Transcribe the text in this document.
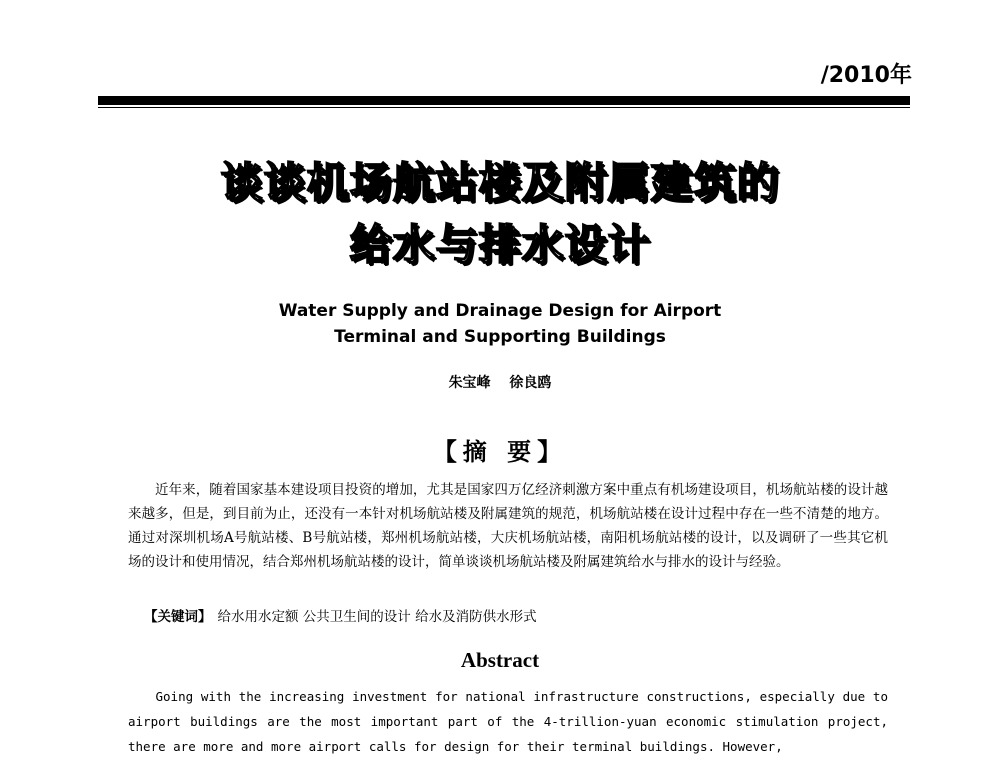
/2010年
谈谈机场航站楼及附属建筑的
给水与排水设计
Water Supply and Drainage Design for Airport
Terminal and Supporting Buildings
朱宝峰 徐良鸥
【摘 要】

近年来，随着国家基本建设项目投资的增加，尤其是国家四万亿经济刺激方案中重点有机场建设项目，机场航站楼的设计越来越多，但是，到目前为止，还没有一本针对机场航站楼及附属建筑的规范，机场航站楼在设计过程中存在一些不清楚的地方。通过对深圳机场A号航站楼、B号航站楼，郑州机场航站楼，大庆机场航站楼，南阳机场航站楼的设计，以及调研了一些其它机场的设计和使用情况，结合郑州机场航站楼的设计，简单谈谈机场航站楼及附属建筑给水与排水的设计与经验。

【关键词】 给水用水定额 公共卫生间的设计 给水及消防供水形式
Abstract

Going with the increasing investment for national infrastructure constructions, especially due to airport buildings are the most important part of the 4-trillion-yuan economic stimulation project, there are more and more airport calls for design for their terminal buildings. However,
